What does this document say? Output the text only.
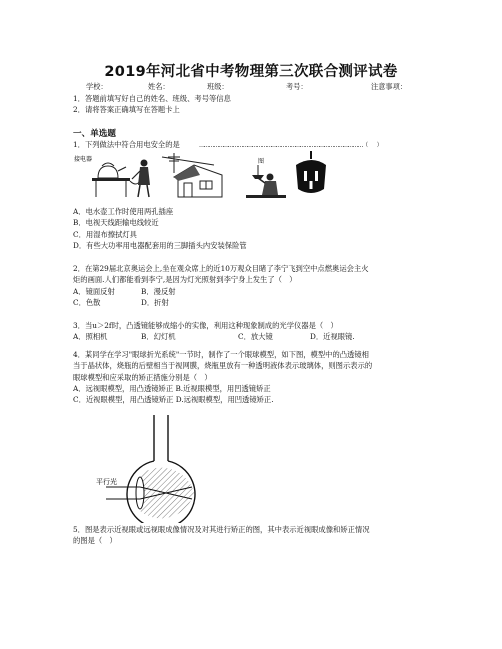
2019年河北省中考物理第三次联合测评试卷
学校：	姓名：	班级：	考号：	注意事项：
1．答题前填写好自己的姓名、班级、考号等信息
2．请将答案正确填写在答题卡上
一、单选题
1．下列做法中符合用电安全的是	…………………………………………………………………………………………（　　）
接电器	图
A．电水壶工作时使用两孔插座
B．电视天线距输电线较近
C．用湿布擦拭灯具
D．有些大功率用电器配套用的三脚插头内安装保险管
2．在第29届北京奥运会上,坐在观众席上的近10万观众目睹了李宁飞到空中点燃奥运会主火
炬的画面.人们都能看到李宁,是因为灯光照射到李宁身上发生了（　）
A．镜面反射	B．漫反射
C．色散	D．折射
3．当u＞2f时，凸透镜能够成缩小的实像，利用这种现象制成的光学仪器是（　）
A．照相机	B．幻灯机	C．放大镜	D．近视眼镜.
4．某同学在学习"眼球折光系统"一节时，制作了一个眼球模型，如下图，模型中的凸透镜相
当于晶状体，烧瓶的后壁相当于视网膜，烧瓶里放有一种透明液体表示玻璃体，则图示表示的
眼球模型和应采取的矫正措施分别是（　）
A．远视眼模型，用凸透镜矫正 B.近视眼模型，用凹透镜矫正
C．近视眼模型，用凸透镜矫正 D.远视眼模型，用凹透镜矫正.
平行光
5．图是表示近视眼或远视眼成像情况及对其进行矫正的图，其中表示近视眼成像和矫正情况
的图是（　）
